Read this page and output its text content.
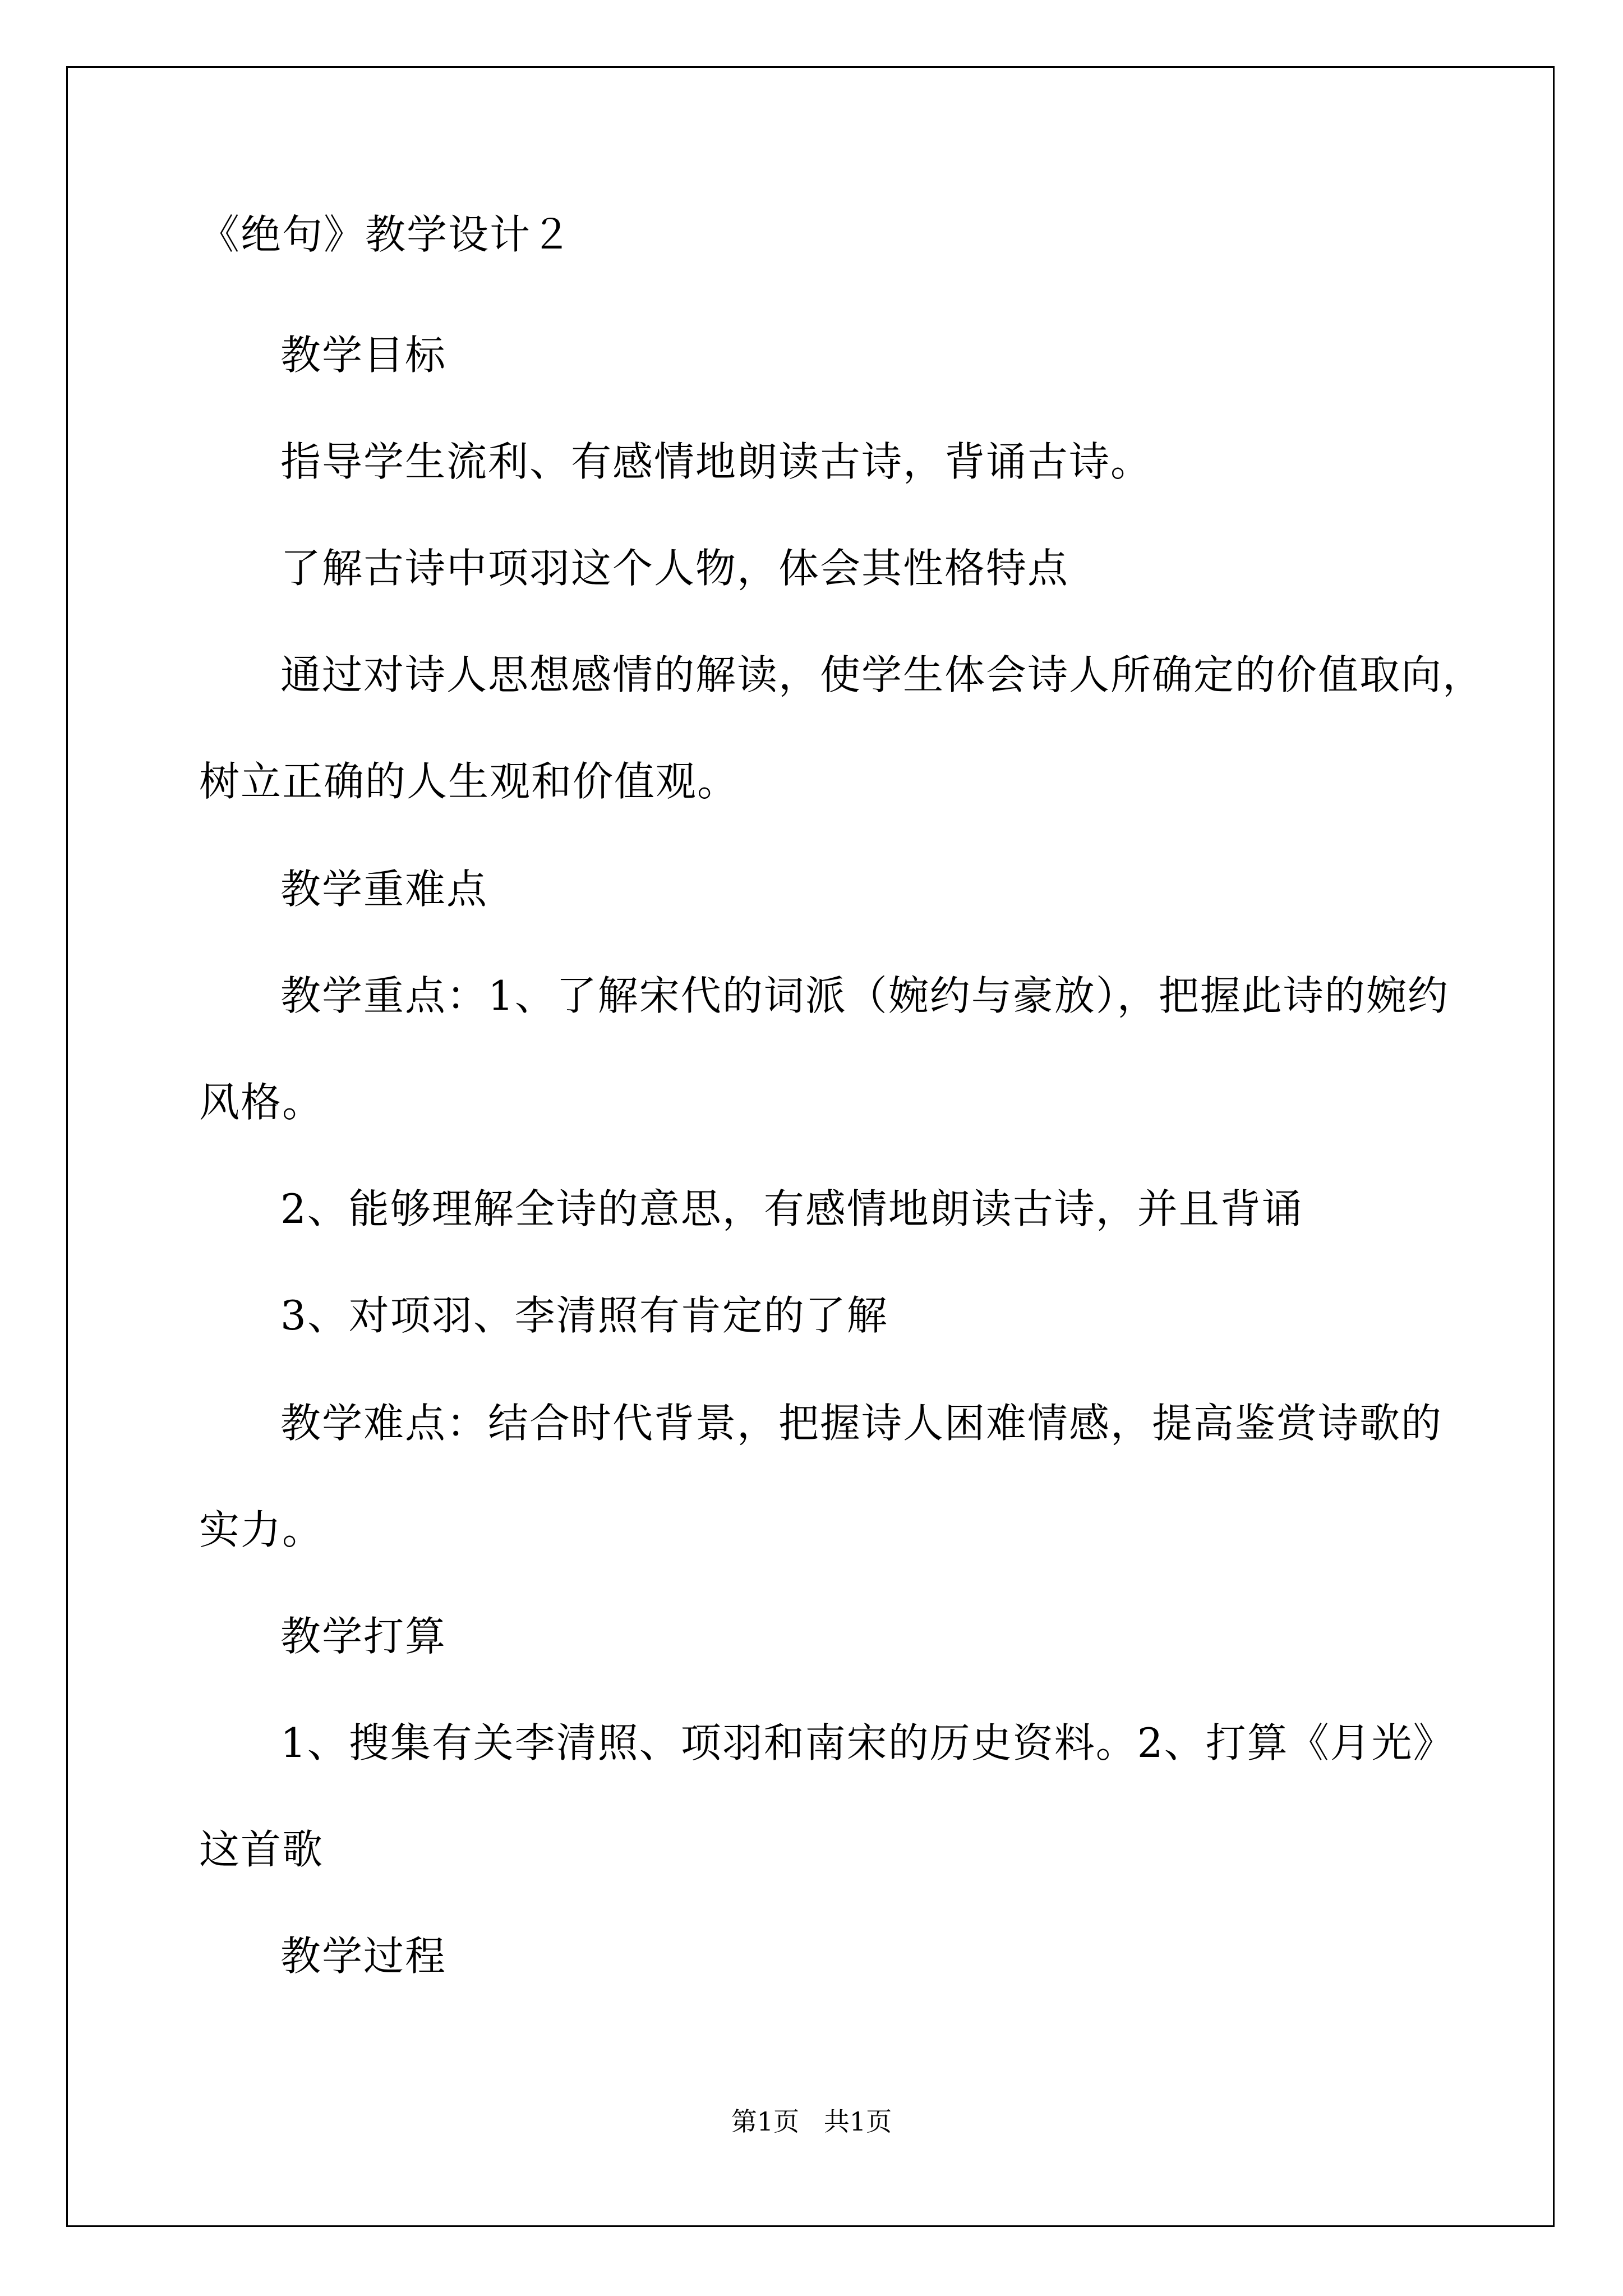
《绝句》教学设计２
教学目标
指导学生流利、有感情地朗读古诗，背诵古诗。
了解古诗中项羽这个人物，体会其性格特点
通过对诗人思想感情的解读，使学生体会诗人所确定的价值取向，
树立正确的人生观和价值观。
教学重难点
教学重点：1、了解宋代的词派（婉约与豪放），把握此诗的婉约
风格。
2、能够理解全诗的意思，有感情地朗读古诗，并且背诵
3、对项羽、李清照有肯定的了解
教学难点：结合时代背景，把握诗人困难情感，提高鉴赏诗歌的
实力。
教学打算
1、搜集有关李清照、项羽和南宋的历史资料。2、打算《月光》
这首歌
教学过程
第1页   共1页
